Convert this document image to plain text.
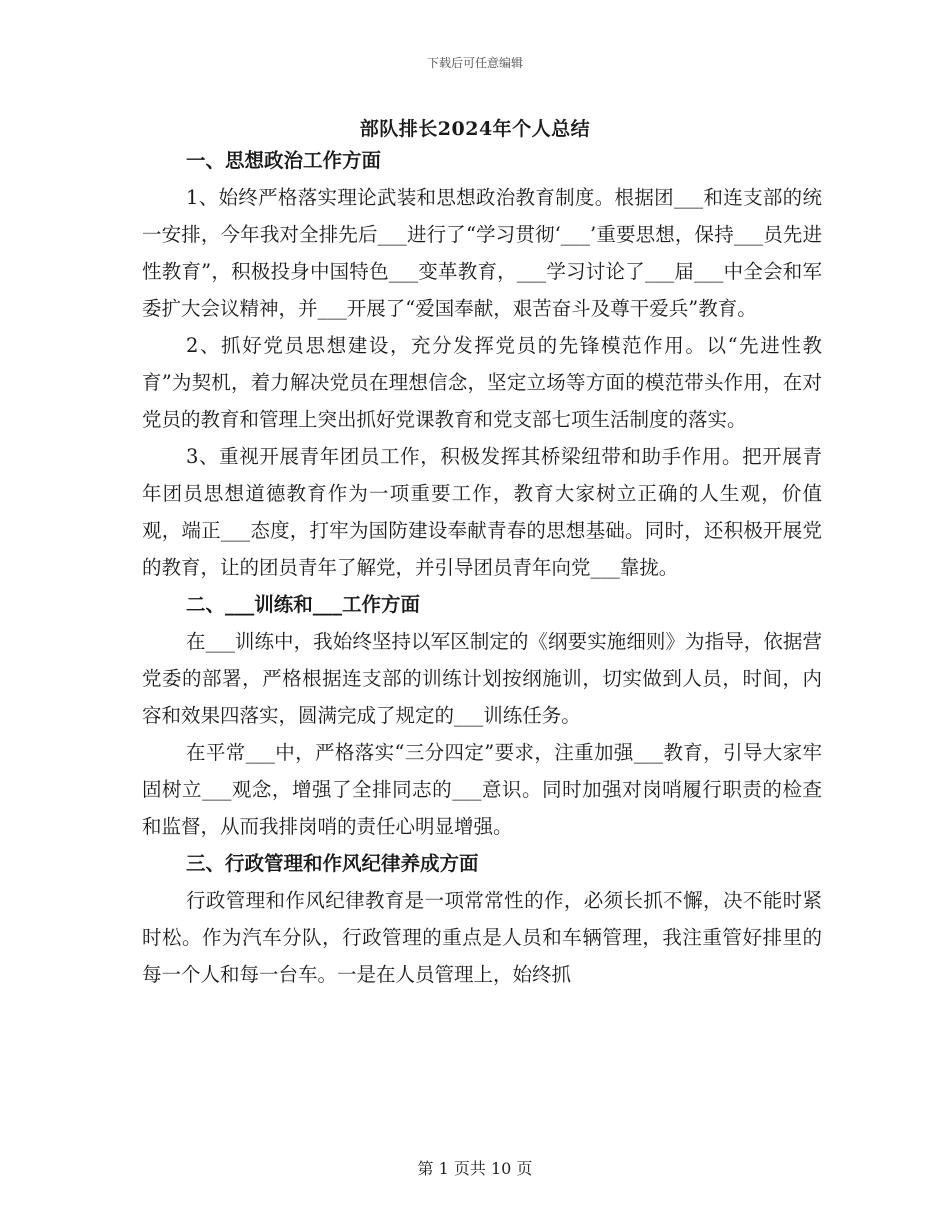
下载后可任意编辑
部队排长2024年个人总结
一、思想政治工作方面

1、始终严格落实理论武装和思想政治教育制度。根据团___和连支部的统一安排，今年我对全排先后___进行了“学习贯彻‘___’重要思想，保持___员先进性教育”，积极投身中国特色___变革教育，___学习讨论了___届___中全会和军委扩大会议精神，并___开展了“爱国奉献，艰苦奋斗及尊干爱兵”教育。

2、抓好党员思想建设，充分发挥党员的先锋模范作用。以“先进性教育”为契机，着力解决党员在理想信念，坚定立场等方面的模范带头作用，在对党员的教育和管理上突出抓好党课教育和党支部七项生活制度的落实。

3、重视开展青年团员工作，积极发挥其桥梁纽带和助手作用。把开展青年团员思想道德教育作为一项重要工作，教育大家树立正确的人生观，价值观，端正___态度，打牢为国防建设奉献青春的思想基础。同时，还积极开展党的教育，让的团员青年了解党，并引导团员青年向党___靠拢。

二、___训练和___工作方面

在___训练中，我始终坚持以军区制定的《纲要实施细则》为指导，依据营党委的部署，严格根据连支部的训练计划按纲施训，切实做到人员，时间，内容和效果四落实，圆满完成了规定的___训练任务。

在平常___中，严格落实“三分四定”要求，注重加强___教育，引导大家牢固树立___观念，增强了全排同志的___意识。同时加强对岗哨履行职责的检查和监督，从而我排岗哨的责任心明显增强。

三、行政管理和作风纪律养成方面

行政管理和作风纪律教育是一项常常性的作，必须长抓不懈，决不能时紧时松。作为汽车分队，行政管理的重点是人员和车辆管理，我注重管好排里的每一个人和每一台车。一是在人员管理上，始终抓

第 1 页共 10 页
